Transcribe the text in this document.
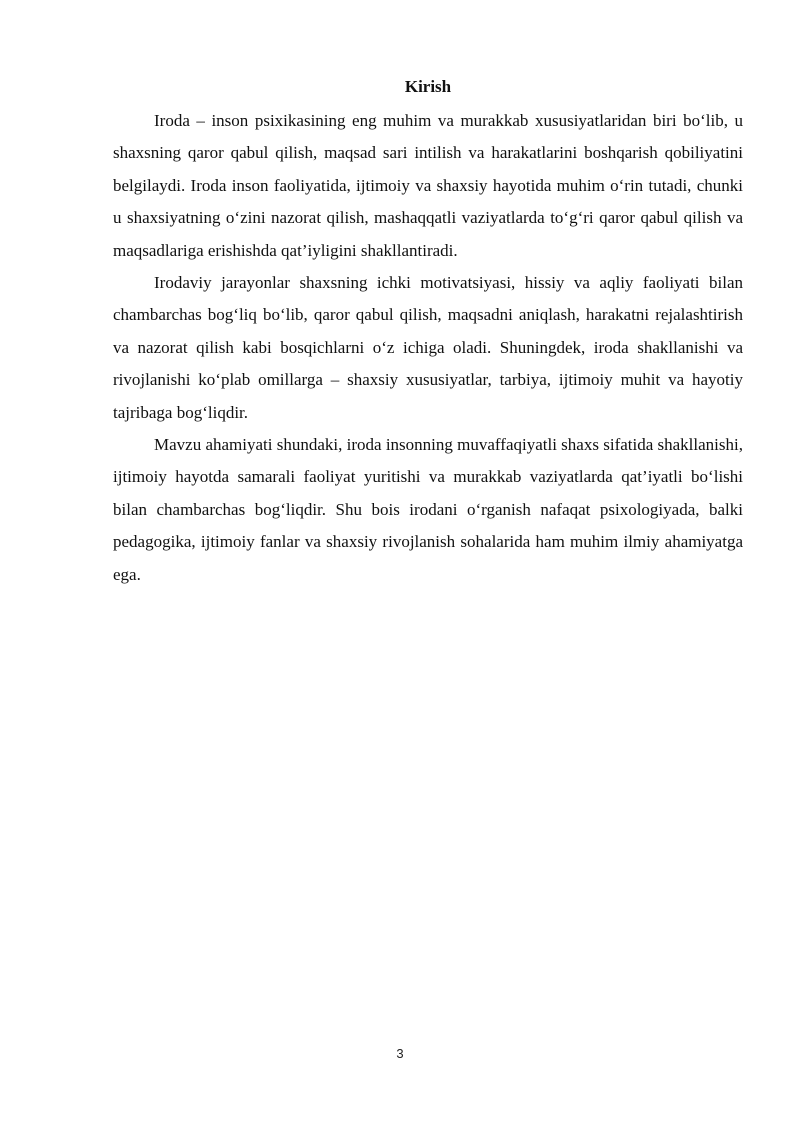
Kirish

Iroda – inson psixikasining eng muhim va murakkab xususiyatlaridan biri bo‘lib, u shaxsning qaror qabul qilish, maqsad sari intilish va harakatlarini boshqarish qobiliyatini belgilaydi. Iroda inson faoliyatida, ijtimoiy va shaxsiy hayotida muhim o‘rin tutadi, chunki u shaxsiyatning o‘zini nazorat qilish, mashaqqatli vaziyatlarda to‘g‘ri qaror qabul qilish va maqsadlariga erishishda qat’iyligini shakllantiradi.

Irodaviy jarayonlar shaxsning ichki motivatsiyasi, hissiy va aqliy faoliyati bilan chambarchas bog‘liq bo‘lib, qaror qabul qilish, maqsadni aniqlash, harakatni rejalashtirish va nazorat qilish kabi bosqichlarni o‘z ichiga oladi. Shuningdek, iroda shakllanishi va rivojlanishi ko‘plab omillarga – shaxsiy xususiyatlar, tarbiya, ijtimoiy muhit va hayotiy tajribaga bog‘liqdir.

Mavzu ahamiyati shundaki, iroda insonning muvaffaqiyatli shaxs sifatida shakllanishi, ijtimoiy hayotda samarali faoliyat yuritishi va murakkab vaziyatlarda qat’iyatli bo‘lishi bilan chambarchas bog‘liqdir. Shu bois irodani o‘rganish nafaqat psixologiyada, balki pedagogika, ijtimoiy fanlar va shaxsiy rivojlanish sohalarida ham muhim ilmiy ahamiyatga ega.

3
